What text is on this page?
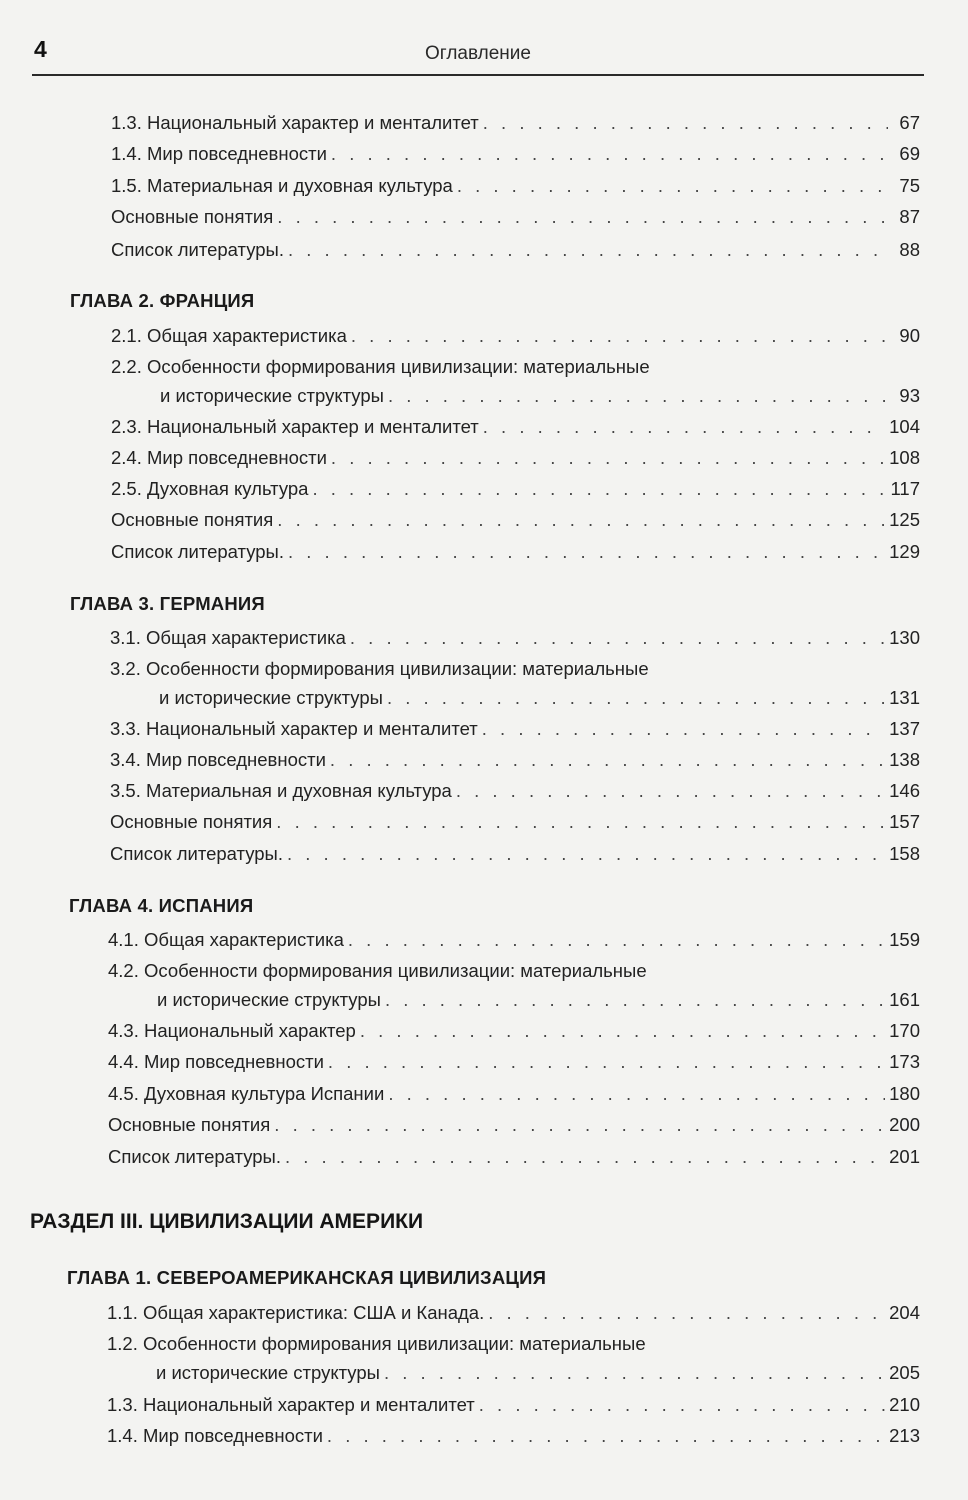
4	Оглавление
1.3. Национальный характер и менталитет . . .	67
1.4. Мир повседневности . . .	69
1.5. Материальная и духовная культура . . .	75
Основные понятия . . .	87
Список литературы. . . .	88
ГЛАВА 2. ФРАНЦИЯ
2.1. Общая характеристика . . .	90
2.2. Особенности формирования цивилизации: материальные
и исторические структуры . . .	93
2.3. Национальный характер и менталитет . . .	104
2.4. Мир повседневности . . .	108
2.5. Духовная культура . . .	117
Основные понятия . . .	125
Список литературы. . . .	129
ГЛАВА 3. ГЕРМАНИЯ
3.1. Общая характеристика . . .	130
3.2. Особенности формирования цивилизации: материальные
и исторические структуры . . .	131
3.3. Национальный характер и менталитет . . .	137
3.4. Мир повседневности . . .	138
3.5. Материальная и духовная культура . . .	146
Основные понятия . . .	157
Список литературы. . . .	158
ГЛАВА 4. ИСПАНИЯ
4.1. Общая характеристика . . .	159
4.2. Особенности формирования цивилизации: материальные
и исторические структуры . . .	161
4.3. Национальный характер . . .	170
4.4. Мир повседневности . . .	173
4.5. Духовная культура Испании . . .	180
Основные понятия . . .	200
Список литературы. . . .	201
РАЗДЕЛ III. ЦИВИЛИЗАЦИИ АМЕРИКИ
ГЛАВА 1. СЕВЕРОАМЕРИКАНСКАЯ ЦИВИЛИЗАЦИЯ
1.1. Общая характеристика: США и Канада. . . .	204
1.2. Особенности формирования цивилизации: материальные
и исторические структуры . . .	205
1.3. Национальный характер и менталитет . . .	210
1.4. Мир повседневности . . .	213
